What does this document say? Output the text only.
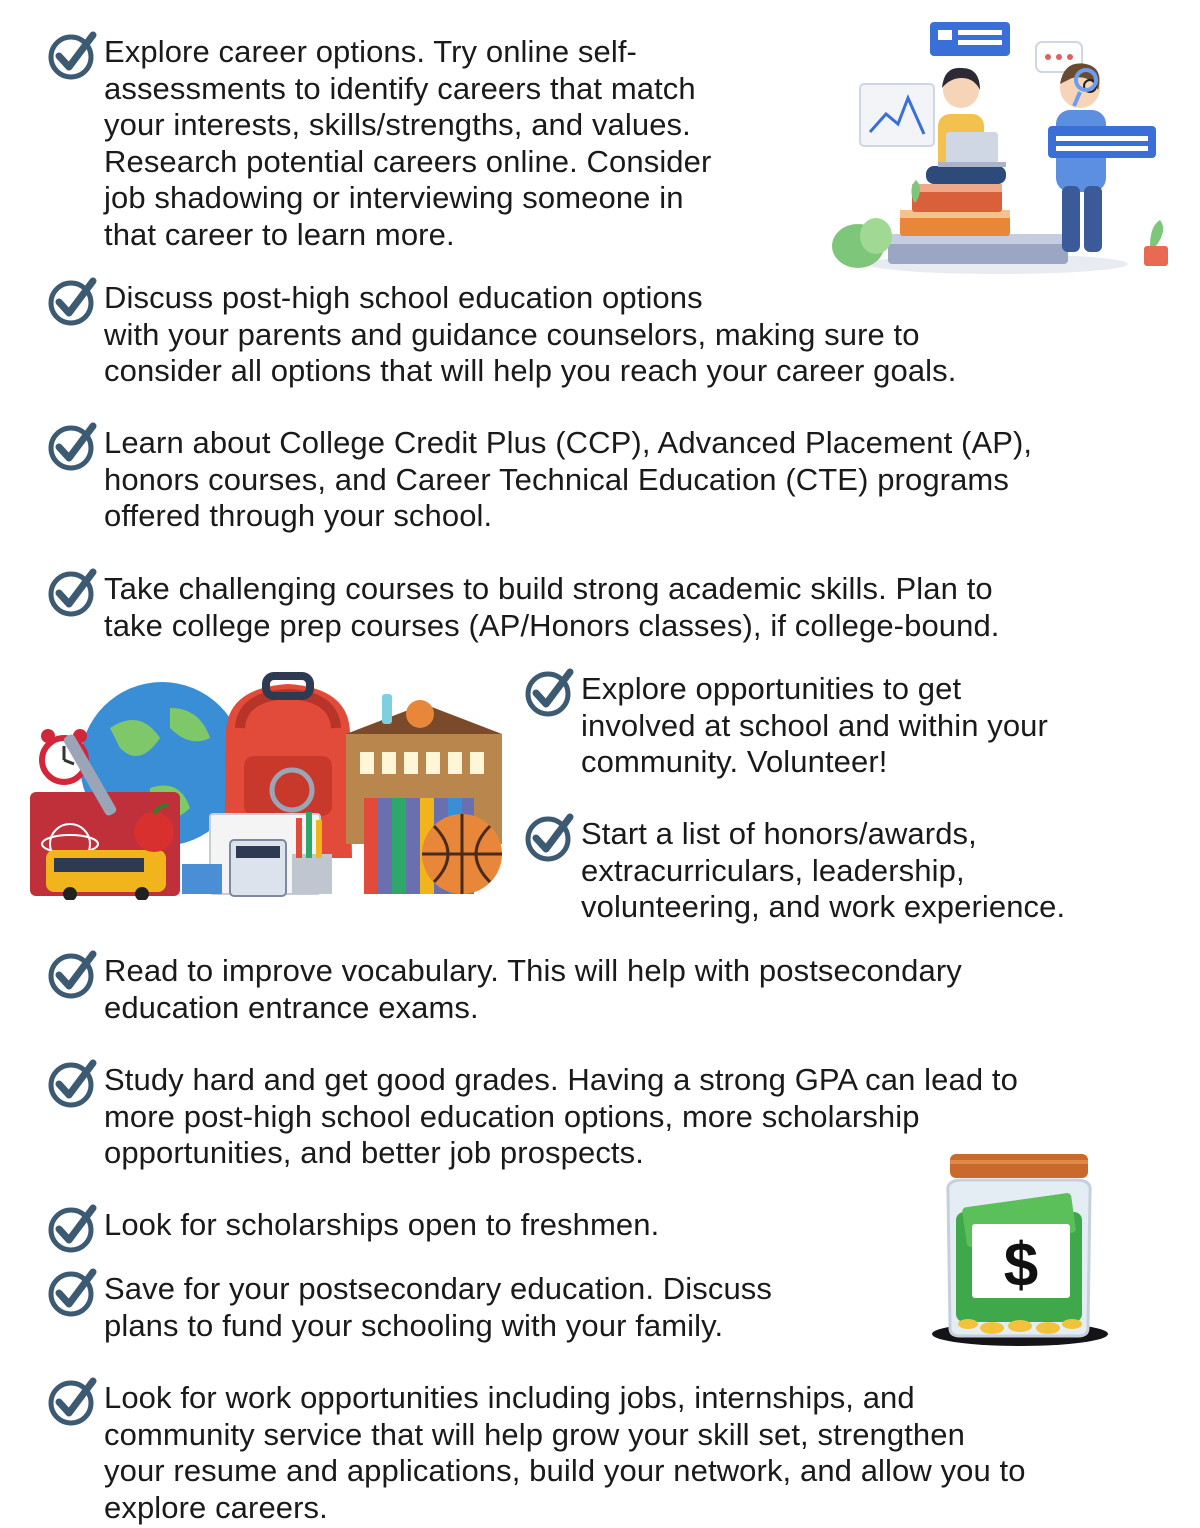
Explore career options. Try online self-
assessments to identify careers that match
your interests, skills/strengths, and values.
Research potential careers online. Consider
job shadowing or interviewing someone in
that career to learn more.

Discuss post-high school education options
with your parents and guidance counselors, making sure to
consider all options that will help you reach your career goals.

Learn about College Credit Plus (CCP), Advanced Placement (AP),
honors courses, and Career Technical Education (CTE) programs
offered through your school.

Take challenging courses to build strong academic skills. Plan to
take college prep courses (AP/Honors classes), if college-bound.

Explore opportunities to get
involved at school and within your
community. Volunteer!

Start a list of honors/awards,
extracurriculars, leadership,
volunteering, and work experience.

Read to improve vocabulary. This will help with postsecondary
education entrance exams.

Study hard and get good grades. Having a strong GPA can lead to
more post-high school education options, more scholarship
opportunities, and better job prospects.

Look for scholarships open to freshmen.

Save for your postsecondary education. Discuss
plans to fund your schooling with your family.

Look for work opportunities including jobs, internships, and
community service that will help grow your skill set, strengthen
your resume and applications, build your network, and allow you to
explore careers.

$
